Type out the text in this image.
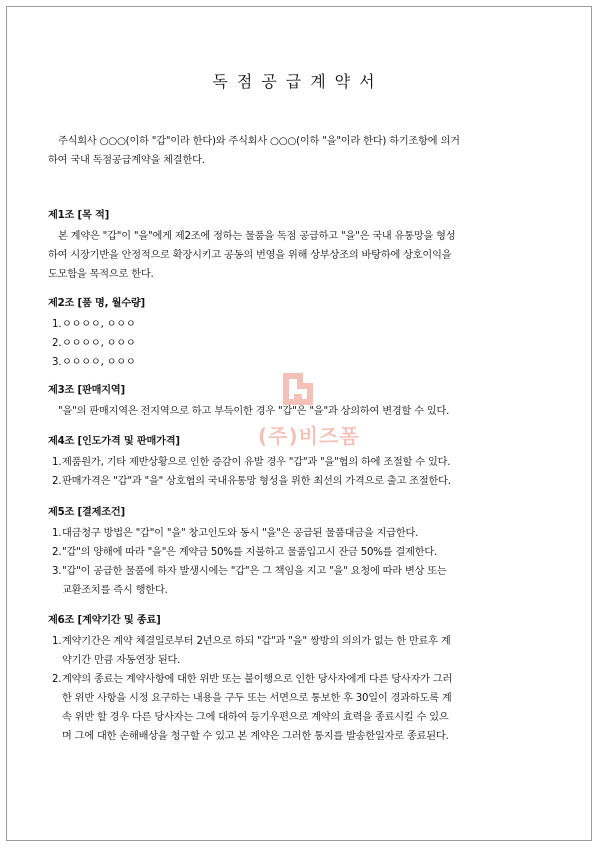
(주)비즈폼
독점공급계약서

주식회사 ○○○(이하 "갑"이라 한다)와 주식회사 ○○○(이하 "을"이라 한다) 하기조항에 의거

하여 국내 독점공급계약을 체결한다.

제1조 [목 적]

본 계약은 "갑"이 "을"에게 제2조에 정하는 물품을 독점 공급하고 "을"은 국내 유통망을 형성

하여 시장기반을 안정적으로 확장시키고 공동의 번영을 위해 상부상조의 바탕하에 상호이익을

도모함을 목적으로 한다.

제2조 [품 명, 월수량]
1. ㅇㅇㅇㅇ, ㅇㅇㅇ
2. ㅇㅇㅇㅇ, ㅇㅇㅇ
3. ㅇㅇㅇㅇ, ㅇㅇㅇ
제3조 [판매지역]

"을"의 판매지역은 전지역으로 하고 부득이한 경우 "갑"은 "을"과 상의하여 변경할 수 있다.

제4조 [인도가격 및 판매가격]
1. 제품원가, 기타 제반상황으로 인한 증감이 유발 경우 "갑"과 "을"협의 하에 조절할 수 있다.
2. 판매가격은 "갑"과 "을" 상호협의 국내유통망 형성을 위한 최선의 가격으로 출고 조절한다.
제5조 [결제조건]
1. 대금청구 방법은 "갑"이 "을" 창고인도와 동시 "을"은 공급된 물품대금을 지급한다.
2. "갑"의 양해에 따라 "을"은 계약금 50%를 지불하고 물품입고시 잔금 50%를 결제한다.
3. "갑"이 공급한 물품에 하자 발생시에는 "갑"은 그 책임을 지고 "을" 요청에 따라 변상 또는
교환조치를 즉시 행한다.
제6조 [계약기간 및 종료]
1. 계약기간은 계약 체결일로부터 2년으로 하되 "갑"과 "을" 쌍방의 의의가 없는 한 만료후 계
약기간 만큼 자동연장 된다.
2. 계약의 종료는 계약사항에 대한 위반 또는 불이행으로 인한 당사자에게 다른 당사자가 그러
한 위반 사항을 시정 요구하는 내용을 구두 또는 서면으로 통보한 후 30일이 경과하도록 계
속 위반 할 경우 다른 당사자는 그에 대하여 등기우편으로 계약의 효력을 종료시킬 수 있으
며 그에 대한 손해배상을 청구할 수 있고 본 계약은 그러한 통지를 발송한일자로 종료된다.
